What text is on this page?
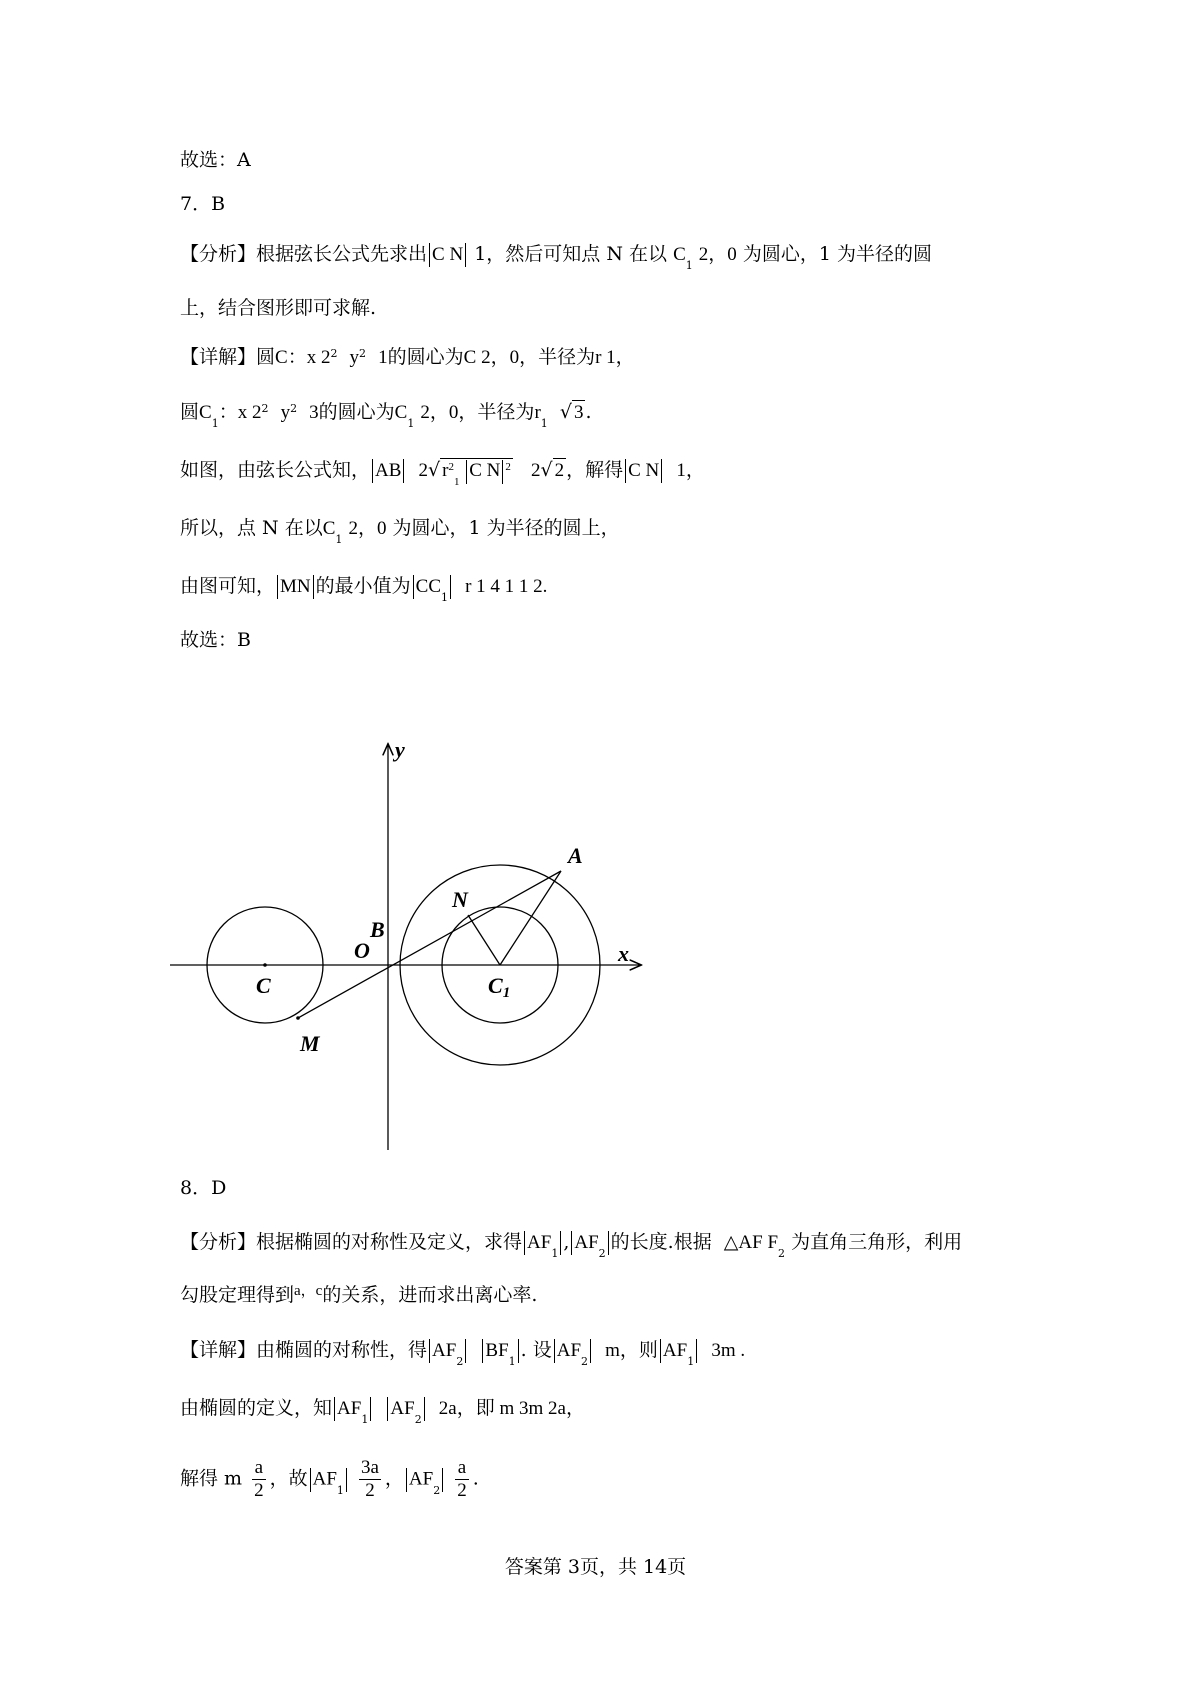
故选：A
7．B
【分析】根据弦长公式先求出 C N 1，然后可知点 N 在以 $C_1$ 2，0 为圆心，1 为半径的圆
上，结合图形即可求解.
【详解】圆C：x $2^2$ $y^2$ 1的圆心为C 2，0，半径为r 1，
圆$C_1$：x $2^2$ $y^2$ 3的圆心为$C_1$ 2，0，半径为$r_1$  √ 3 .
如图，由弦长公式知， AB 2√ $r^2_1$ C N $^2$ 2√ 2 ，解得 C N 1，
所以，点 N 在以$C_1$ 2，0 为圆心，1 为半径的圆上，
由图可知， MN 的最小值为 $CC_1$  r 1 4 1 1 2.
故选：B
y
x
O
A
B
N
C	C1
M
8．D
【分析】根据椭圆的对称性及定义，求得 $AF_1$, $AF_2$的长度.根据 △AF $F_2$ 为直角三角形，利用
勾股定理得到$^{a,c}$的关系，进而求出离心率.
【详解】由椭圆的对称性，得 $AF_2$  $BF_1$. 设 $AF_2$  m，则 $AF_1$  3m .
由椭圆的定义，知 $AF_1$  $AF_2$  2a，即 m 3m 2a，
解得 m $\frac{a}{2}$ ，故 $AF_1 \frac{3a}{2}$ ， $AF_2 \frac{a}{2}$ .
答案第 3页，共 14页
